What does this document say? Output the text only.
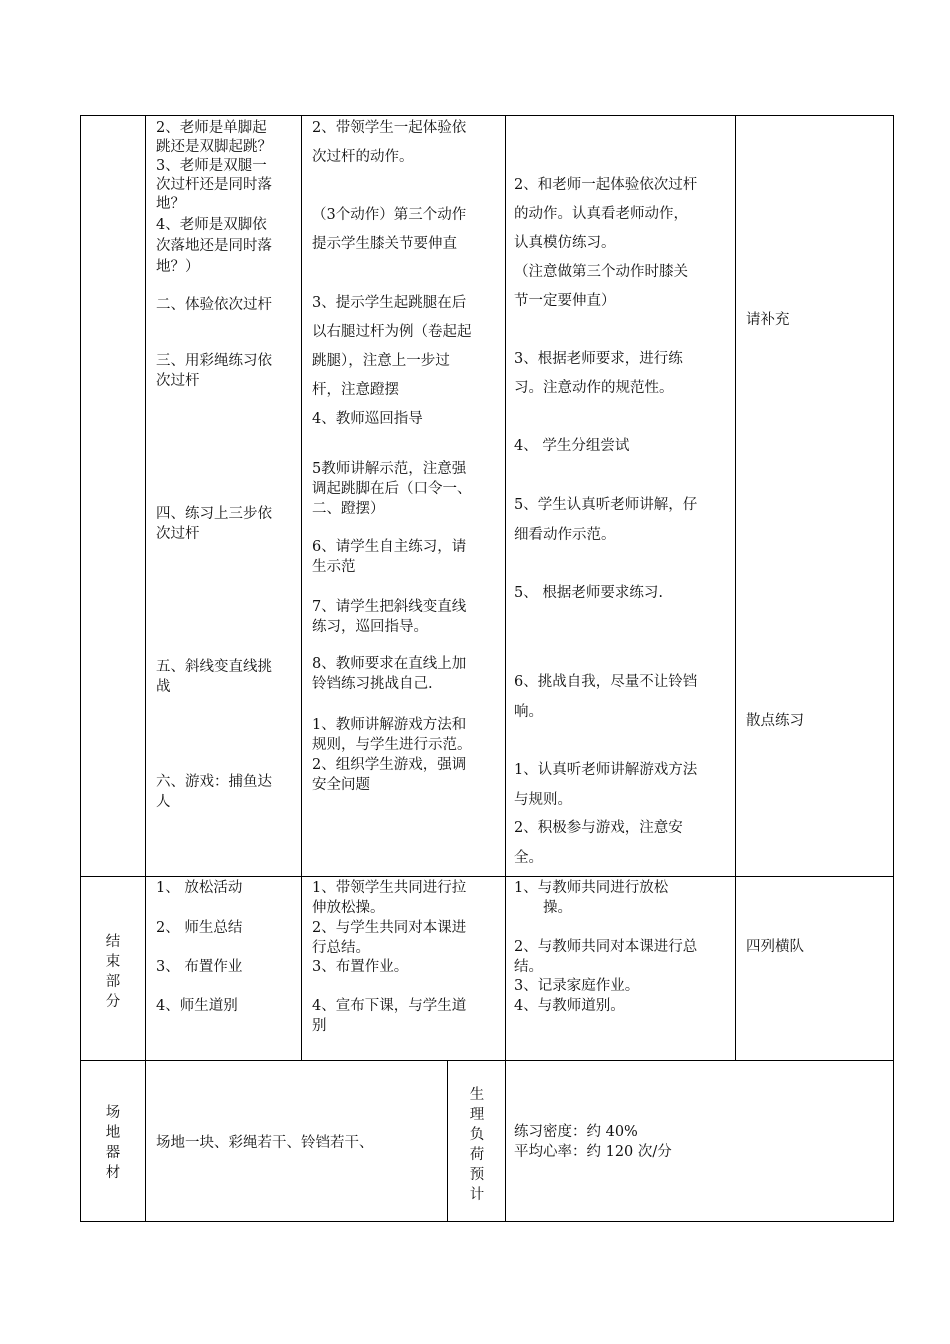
2、老师是单脚起
跳还是双脚起跳？
3、老师是双腿一
次过杆还是同时落
地？
4、老师是双脚依
次落地还是同时落
地？）
二、体验依次过杆
三、用彩绳练习依
次过杆
四、练习上三步依
次过杆
五、斜线变直线挑
战
六、游戏：捕鱼达
人
2、带领学生一起体验依
次过杆的动作。
（3个动作）第三个动作
提示学生膝关节要伸直
3、提示学生起跳腿在后
以右腿过杆为例（卷起起
跳腿），注意上一步过
杆，注意蹬摆
4、教师巡回指导
5教师讲解示范，注意强
调起跳脚在后（口令一、
二、蹬摆）
6、请学生自主练习，请
生示范
7、请学生把斜线变直线
练习，巡回指导。
8、教师要求在直线上加
铃铛练习挑战自己.
1、教师讲解游戏方法和
规则，与学生进行示范。
2、组织学生游戏，强调
安全问题
2、和老师一起体验依次过杆
的动作。认真看老师动作，
认真模仿练习。
（注意做第三个动作时膝关
节一定要伸直）
3、根据老师要求，进行练
习。注意动作的规范性。
4、 学生分组尝试
5、学生认真听老师讲解，仔
细看动作示范。
5、 根据老师要求练习.
6、挑战自我，尽量不让铃铛
响。
1、认真听老师讲解游戏方法
与规则。
2、积极参与游戏，注意安
全。
请补充
散点练习
结束部分
1、 放松活动
2、 师生总结
3、 布置作业
4、师生道别
1、带领学生共同进行拉
伸放松操。
2、与学生共同对本课进
行总结。
3、布置作业。
4、宣布下课，与学生道
别
1、与教师共同进行放松
操。
2、与教师共同对本课进行总
结。
3、记录家庭作业。
4、与教师道别。
四列横队
场地器材
场地一块、彩绳若干、铃铛若干、
生理负荷预计
练习密度：约 40%
平均心率：约 120 次/分
